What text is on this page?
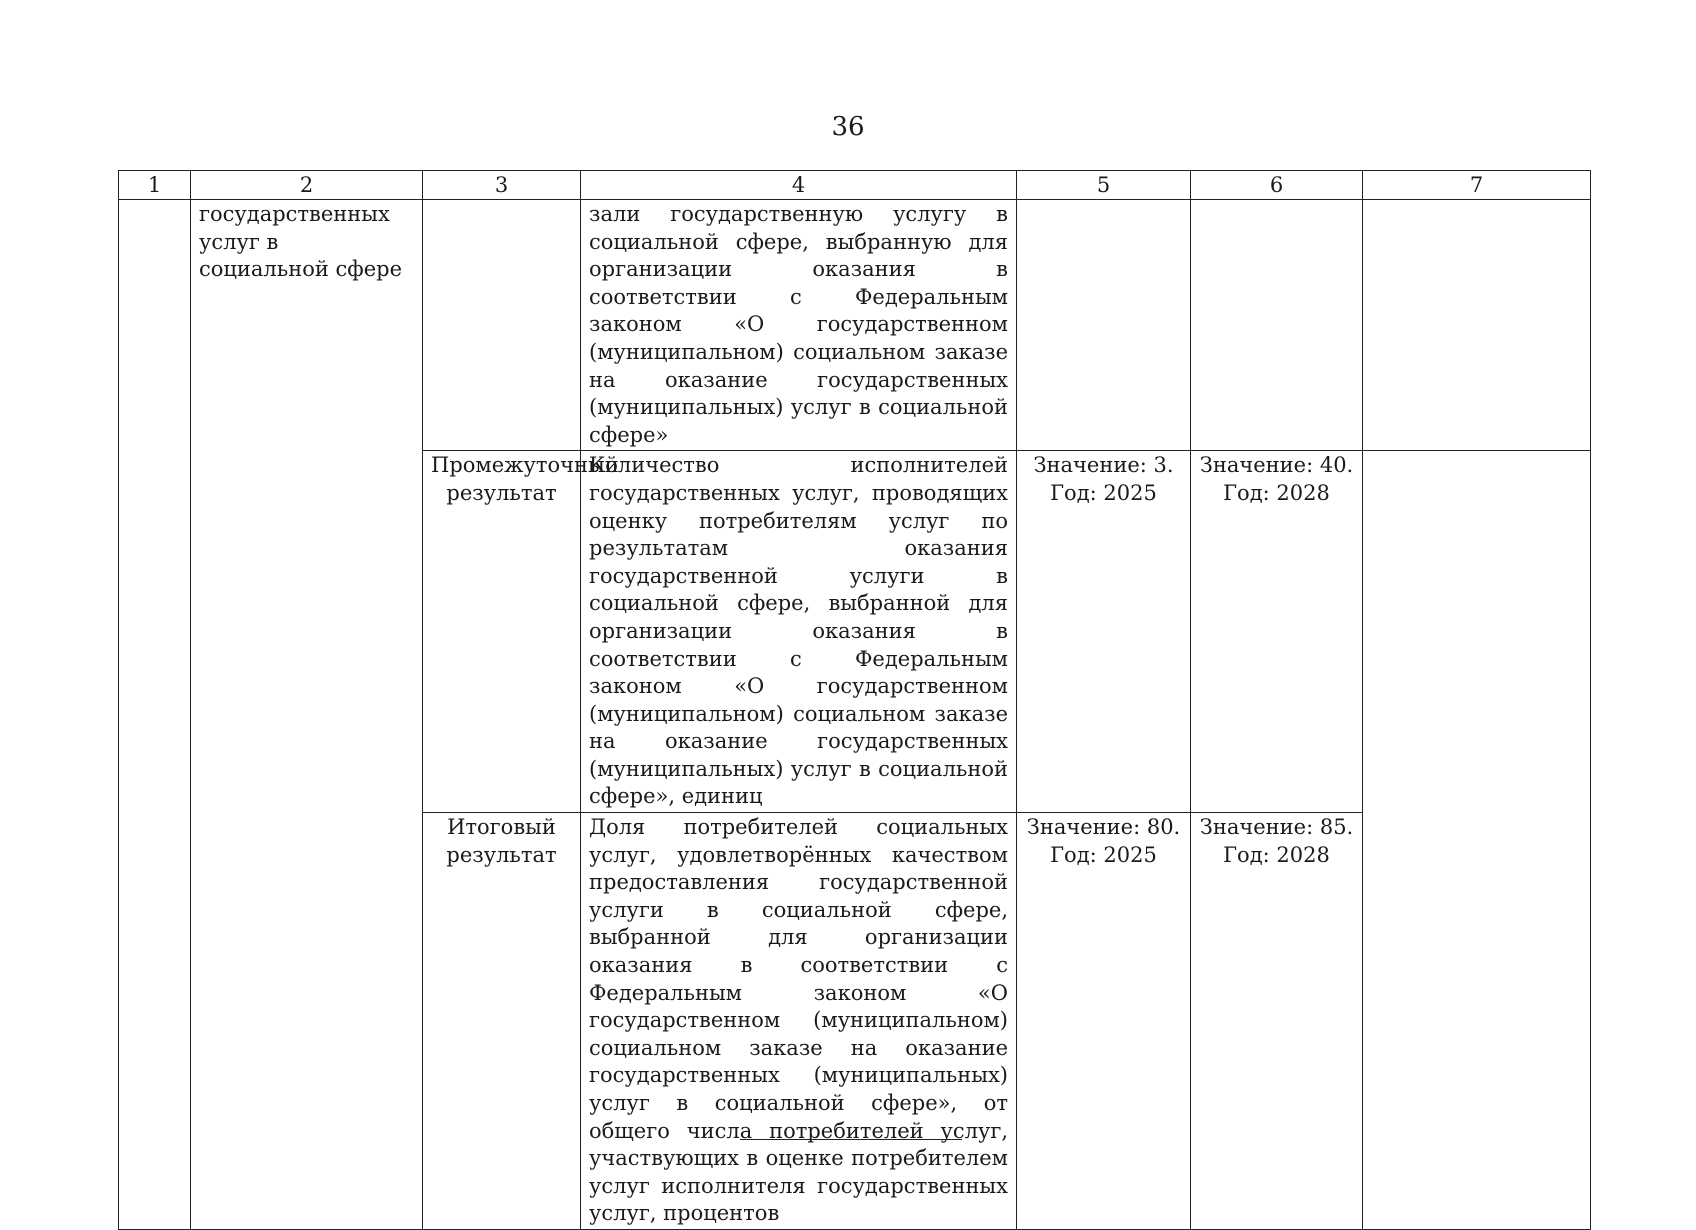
36
1	2	3	4	5	6	7
	государственных услуг в социальной сфере		зали государственную услугу в социальной сфере, выбранную для организации оказания в соответствии с Федеральным законом «О государственном (муниципальном) социальном заказе на оказание государственных (муниципальных) услуг в социальной сфере»			
		Промежуточный результат	Количество исполнителей государственных услуг, проводящих оценку потребителям услуг по результатам оказания государственной услуги в социальной сфере, выбранной для организации оказания в соответствии с Федеральным законом «О государственном (муниципальном) социальном заказе на оказание государственных (муниципальных) услуг в социальной сфере», единиц	Значение: 3. Год: 2025	Значение: 40. Год: 2028	
		Итоговый результат	Доля потребителей социальных услуг, удовлетворённых качеством предоставления государственной услуги в социальной сфере, выбранной для организации оказания в соответствии с Федеральным законом «О государственном (муниципальном) социальном заказе на оказание государственных (муниципальных) услуг в социальной сфере», от общего числа потребителей услуг, участвующих в оценке потребителем услуг исполнителя государственных услуг, процентов	Значение: 80. Год: 2025	Значение: 85. Год: 2028	
